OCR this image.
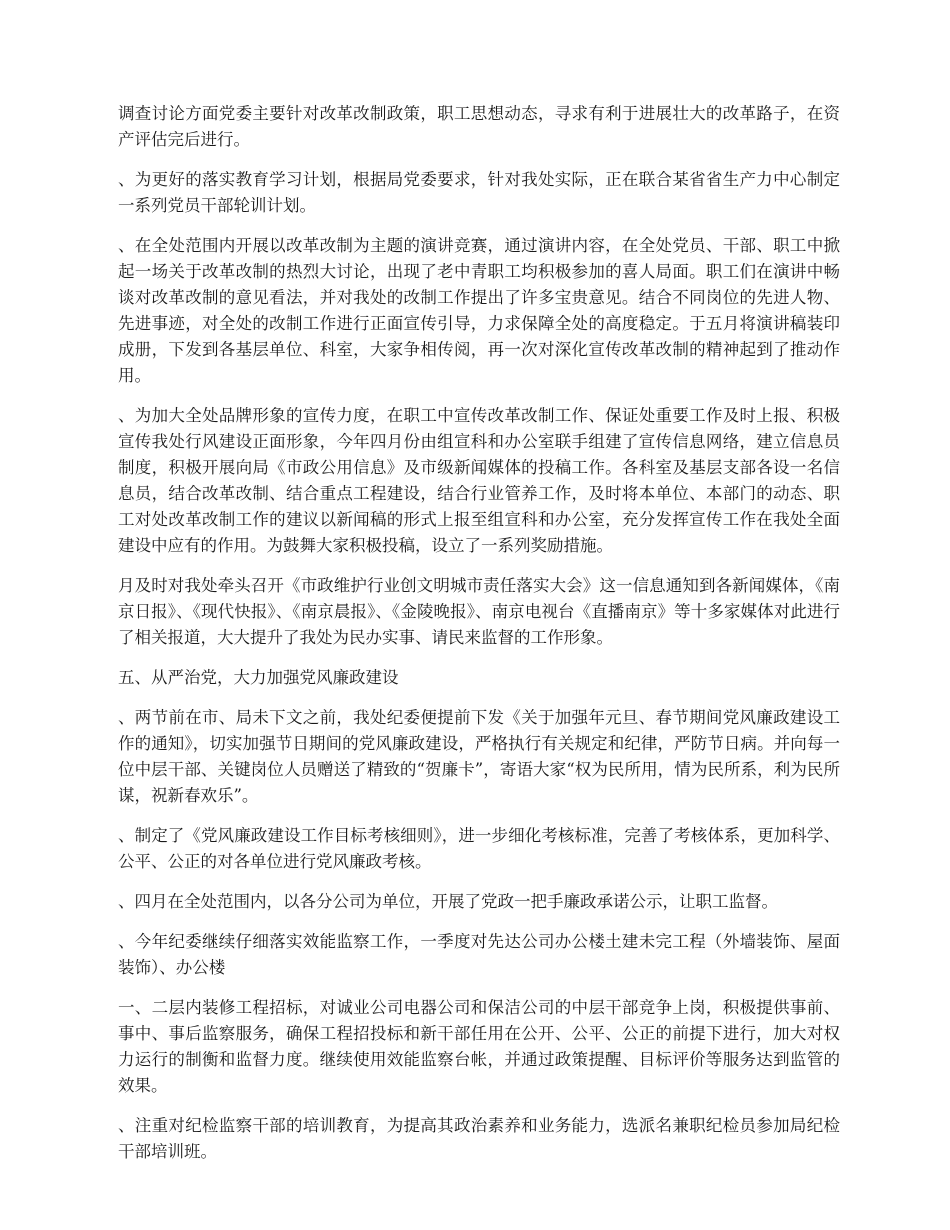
调查讨论方面党委主要针对改革改制政策，职工思想动态，寻求有利于进展壮大的改革路子，在资产评估完后进行。

、为更好的落实教育学习计划，根据局党委要求，针对我处实际，正在联合某省省生产力中心制定一系列党员干部轮训计划。

、在全处范围内开展以改革改制为主题的演讲竞赛，通过演讲内容，在全处党员、干部、职工中掀起一场关于改革改制的热烈大讨论，出现了老中青职工均积极参加的喜人局面。职工们在演讲中畅谈对改革改制的意见看法，并对我处的改制工作提出了许多宝贵意见。结合不同岗位的先进人物、先进事迹，对全处的改制工作进行正面宣传引导，力求保障全处的高度稳定。于五月将演讲稿装印成册，下发到各基层单位、科室，大家争相传阅，再一次对深化宣传改革改制的精神起到了推动作用。

、为加大全处品牌形象的宣传力度，在职工中宣传改革改制工作、保证处重要工作及时上报、积极宣传我处行风建设正面形象，今年四月份由组宣科和办公室联手组建了宣传信息网络，建立信息员制度，积极开展向局《市政公用信息》及市级新闻媒体的投稿工作。各科室及基层支部各设一名信息员，结合改革改制、结合重点工程建设，结合行业管养工作，及时将本单位、本部门的动态、职工对处改革改制工作的建议以新闻稿的形式上报至组宣科和办公室，充分发挥宣传工作在我处全面建设中应有的作用。为鼓舞大家积极投稿，设立了一系列奖励措施。

月及时对我处牵头召开《市政维护行业创文明城市责任落实大会》这一信息通知到各新闻媒体，《南京日报》、《现代快报》、《南京晨报》、《金陵晚报》、南京电视台《直播南京》等十多家媒体对此进行了相关报道，大大提升了我处为民办实事、请民来监督的工作形象。

五、从严治党，大力加强党风廉政建设

、两节前在市、局未下文之前，我处纪委便提前下发《关于加强年元旦、春节期间党风廉政建设工作的通知》，切实加强节日期间的党风廉政建设，严格执行有关规定和纪律，严防节日病。并向每一位中层干部、关键岗位人员赠送了精致的“贺廉卡”，寄语大家“权为民所用，情为民所系，利为民所谋，祝新春欢乐”。

、制定了《党风廉政建设工作目标考核细则》，进一步细化考核标准，完善了考核体系，更加科学、公平、公正的对各单位进行党风廉政考核。

、四月在全处范围内，以各分公司为单位，开展了党政一把手廉政承诺公示，让职工监督。

、今年纪委继续仔细落实效能监察工作，一季度对先达公司办公楼土建未完工程（外墙装饰、屋面装饰）、办公楼

一、二层内装修工程招标，对诚业公司电器公司和保洁公司的中层干部竞争上岗，积极提供事前、事中、事后监察服务，确保工程招投标和新干部任用在公开、公平、公正的前提下进行，加大对权力运行的制衡和监督力度。继续使用效能监察台帐，并通过政策提醒、目标评价等服务达到监管的效果。

、注重对纪检监察干部的培训教育，为提高其政治素养和业务能力，选派名兼职纪检员参加局纪检干部培训班。
